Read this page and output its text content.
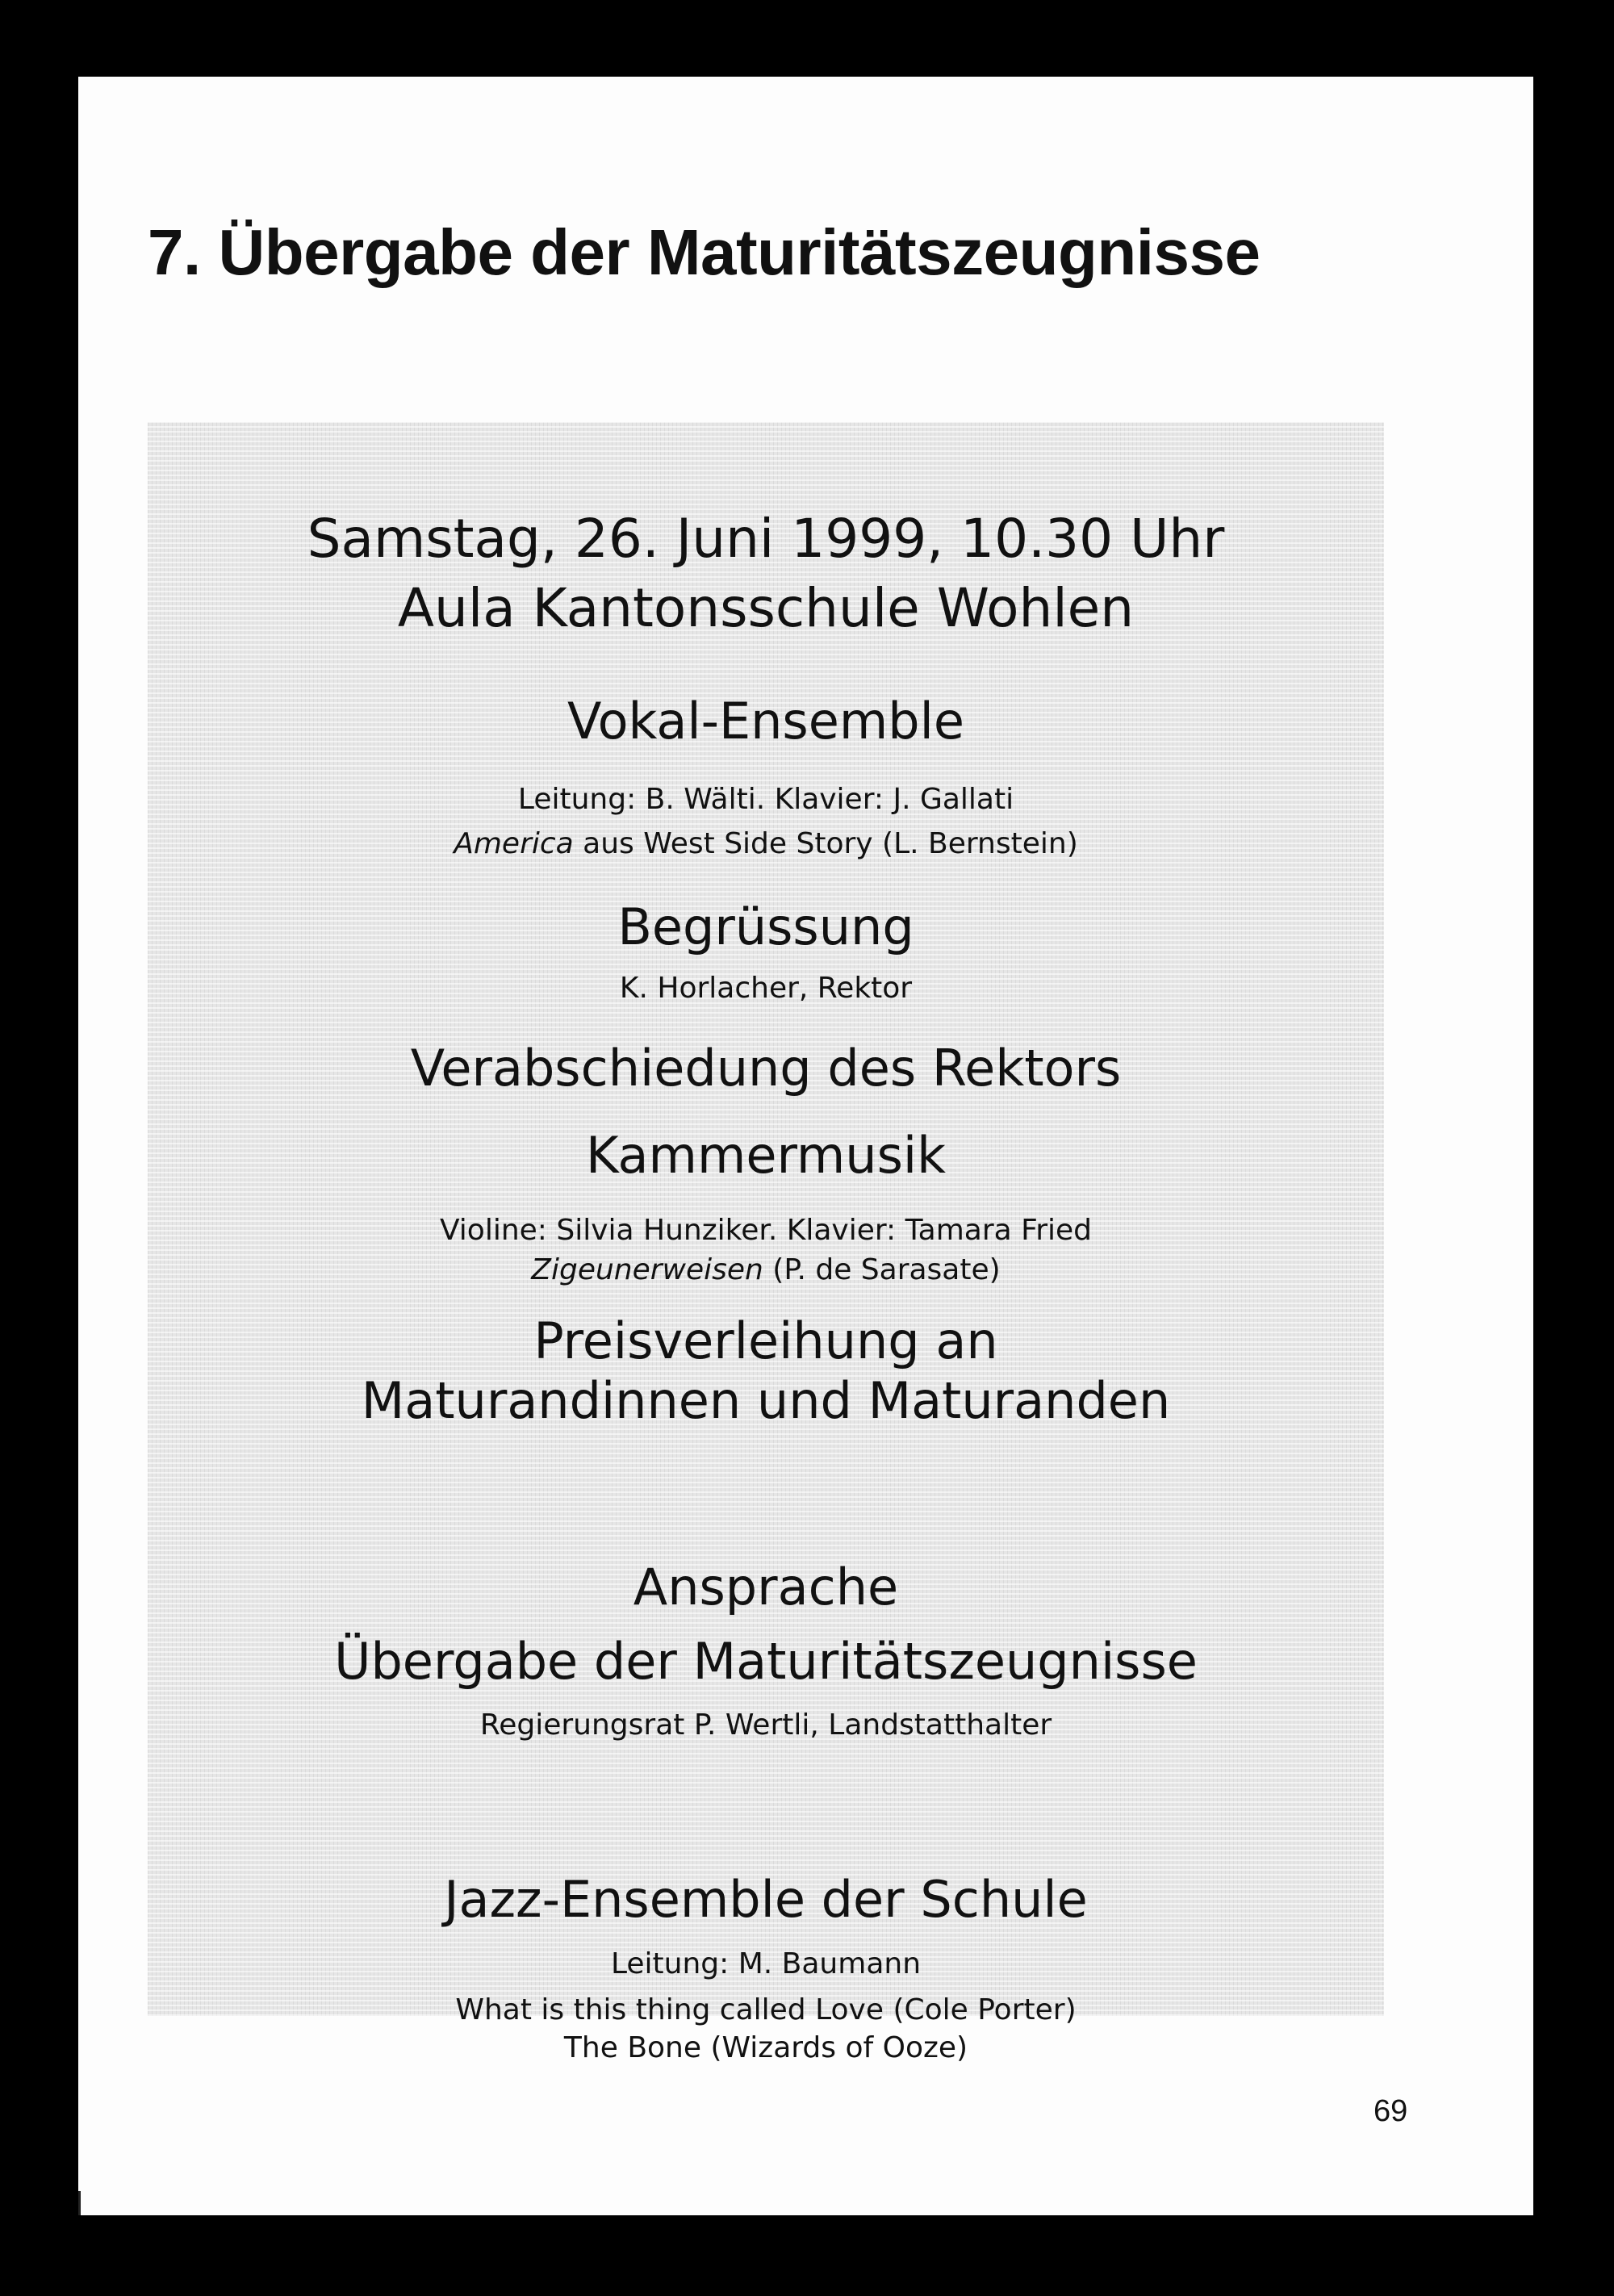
7. Übergabe der Maturitätszeugnisse
Samstag, 26. Juni 1999, 10.30 Uhr
Aula Kantonsschule Wohlen
Vokal-Ensemble
Leitung: B. Wälti. Klavier: J. Gallati
America aus West Side Story (L. Bernstein)
Begrüssung
K. Horlacher, Rektor
Verabschiedung des Rektors
Kammermusik
Violine: Silvia Hunziker. Klavier: Tamara Fried
Zigeunerweisen (P. de Sarasate)
Preisverleihung an
Maturandinnen und Maturanden
Ansprache
Übergabe der Maturitätszeugnisse
Regierungsrat P. Wertli, Landstatthalter
Jazz-Ensemble der Schule
Leitung: M. Baumann
What is this thing called Love (Cole Porter)
The Bone (Wizards of Ooze)
69
